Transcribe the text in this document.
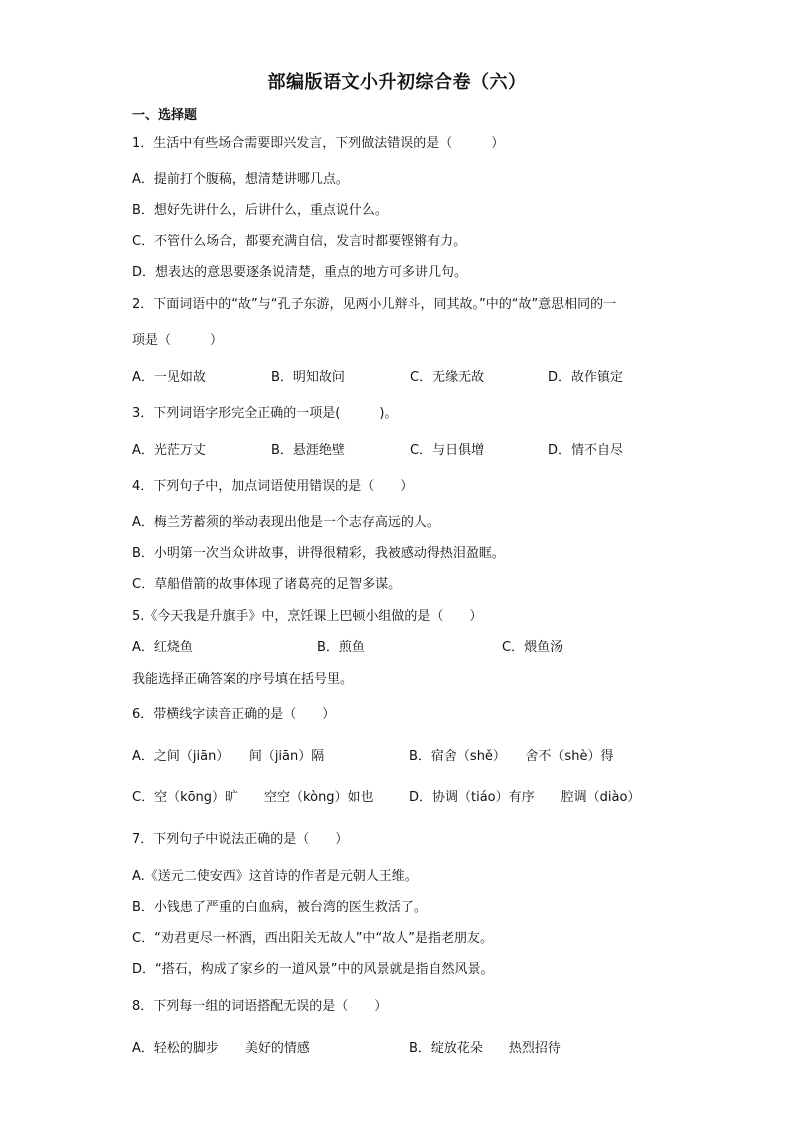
部编版语文小升初综合卷（六）
一、选择题
1．生活中有些场合需要即兴发言，下列做法错误的是（　　　）
A．提前打个腹稿，想清楚讲哪几点。
B．想好先讲什么，后讲什么，重点说什么。
C．不管什么场合，都要充满自信，发言时都要铿锵有力。
D．想表达的意思要逐条说清楚，重点的地方可多讲几句。
2．下面词语中的“故”与“孔子东游，见两小儿辩斗，同其故。”中的“故”意思相同的一
项是（　　　）
A．一见如故	B．明知故问	C．无缘无故	D．故作镇定
3．下列词语字形完全正确的一项是(　　　)。
A．光茫万丈	B．悬涯绝壁	C．与日俱增	D．情不自尽
4．下列句子中，加点词语使用错误的是（　　）
A．梅兰芳蓄须的举动表现出他是一个志存高远的人。
B．小明第一次当众讲故事，讲得很精彩，我被感动得热泪盈眶。
C．草船借箭的故事体现了诸葛亮的足智多谋。
5.《今天我是升旗手》中，烹饪课上巴顿小组做的是（　　）
A．红烧鱼	B．煎鱼	C．煨鱼汤
我能选择正确答案的序号填在括号里。
6．带横线字读音正确的是（　　）
A．之间（jiān）　　间（jiān）隔	B．宿舍（shě）　　舍不（shè）得
C．空（kōng）旷　　空空（kòng）如也	D．协调（tiáo）有序　　腔调（diào）
7．下列句子中说法正确的是（　　）
A.《送元二使安西》这首诗的作者是元朝人王维。
B．小钱患了严重的白血病，被台湾的医生救活了。
C．“劝君更尽一杯酒，西出阳关无故人”中“故人”是指老朋友。
D．“搭石，构成了家乡的一道风景”中的风景就是指自然风景。
8．下列每一组的词语搭配无误的是（　　）
A．轻松的脚步　　美好的情感	B．绽放花朵　　热烈招待
